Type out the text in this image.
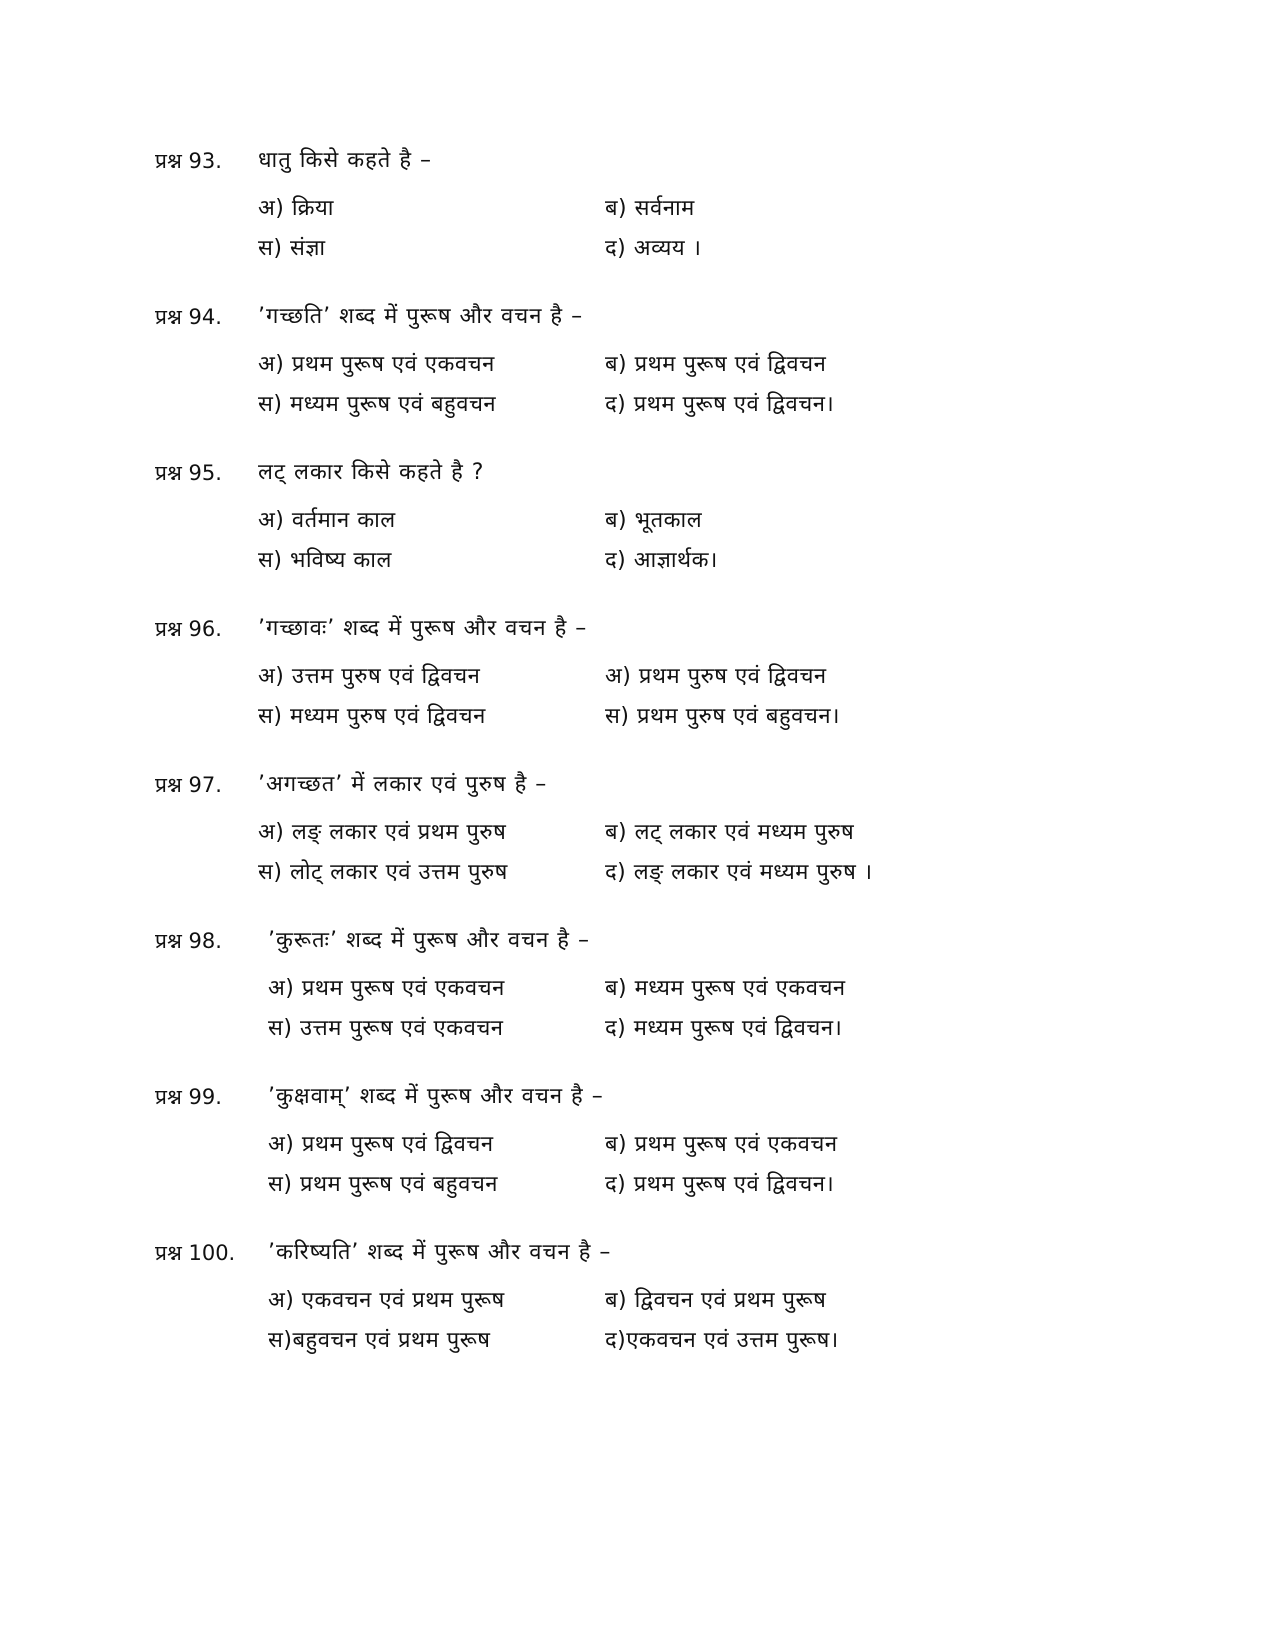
प्रश्न 93. धातु किसे कहते है –
अ) क्रिया	ब) सर्वनाम
स) संज्ञा	द) अव्यय ।
प्रश्न 94. ’गच्छति’ शब्द में पुरूष और वचन है –
अ) प्रथम पुरूष एवं एकवचन	ब) प्रथम पुरूष एवं द्विवचन
स) मध्यम पुरूष एवं बहुवचन	द) प्रथम पुरूष एवं द्विवचन।
प्रश्न 95. लट् लकार किसे कहते है ?
अ) वर्तमान काल	ब) भूतकाल
स) भविष्य काल	द) आज्ञार्थक।
प्रश्न 96. ’गच्छावः’ शब्द में पुरूष और वचन है –
अ) उत्तम पुरुष एवं द्विवचन	अ) प्रथम पुरुष एवं द्विवचन
स) मध्यम पुरुष एवं द्विवचन	स) प्रथम पुरुष एवं बहुवचन।
प्रश्न 97. ’अगच्छत’ में लकार एवं पुरुष है –
अ) लङ् लकार एवं प्रथम पुरुष	ब) लट् लकार एवं मध्यम पुरुष
स) लोट् लकार एवं उत्तम पुरुष	द) लङ् लकार एवं मध्यम पुरुष ।
प्रश्न 98. ’कुरूतः’ शब्द में पुरूष और वचन है –
अ) प्रथम पुरूष एवं एकवचन	ब) मध्यम पुरूष एवं एकवचन
स) उत्तम पुरूष एवं एकवचन	द) मध्यम पुरूष एवं द्विवचन।
प्रश्न 99. ’कुक्षवाम्’ शब्द में पुरूष और वचन है –
अ) प्रथम पुरूष एवं द्विवचन	ब) प्रथम पुरूष एवं एकवचन
स) प्रथम पुरूष एवं बहुवचन	द) प्रथम पुरूष एवं द्विवचन।
प्रश्न 100. ’करिष्यति’ शब्द में पुरूष और वचन है –
अ) एकवचन एवं प्रथम पुरूष	ब) द्विवचन एवं प्रथम पुरूष
स)बहुवचन एवं प्रथम पुरूष	द)एकवचन एवं उत्तम पुरूष।
